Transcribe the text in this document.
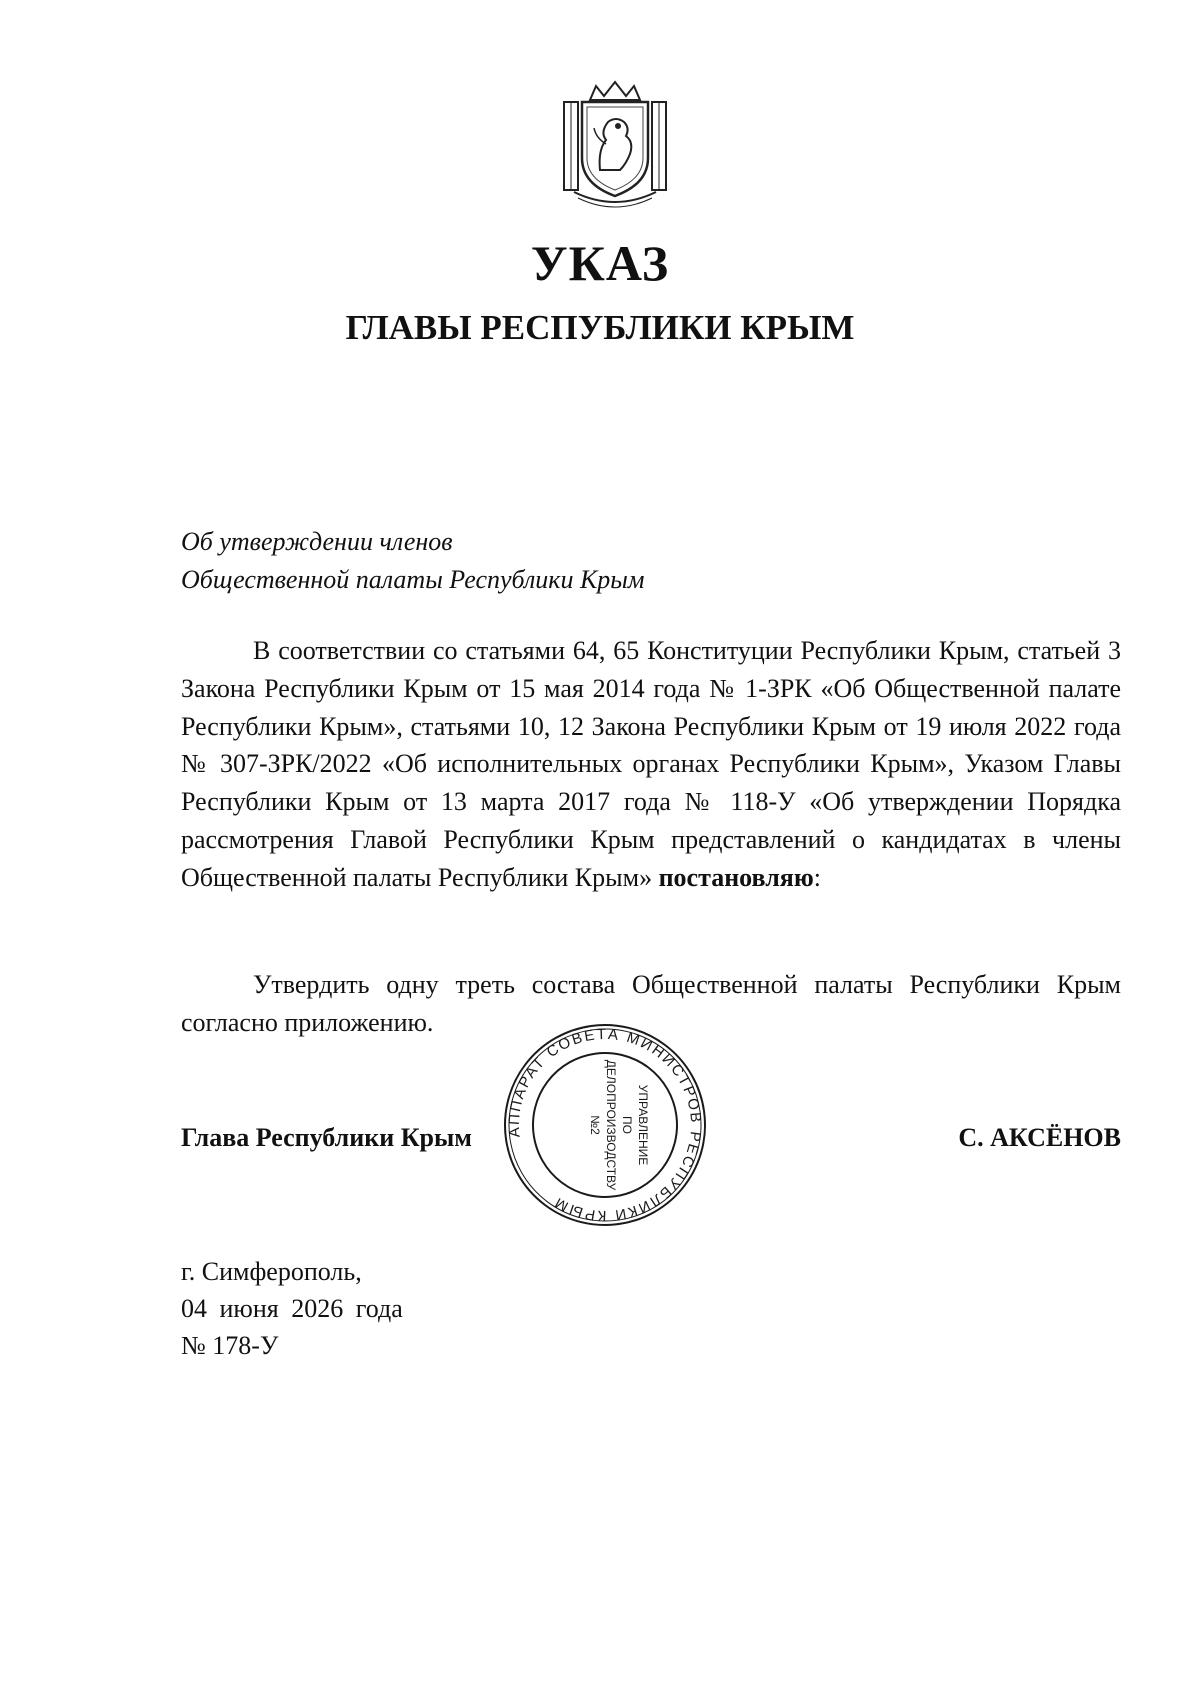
УКАЗ
ГЛАВЫ РЕСПУБЛИКИ КРЫМ
Об утверждении членов
Общественной палаты Республики Крым

В соответствии со статьями 64, 65 Конституции Республики Крым, статьей 3 Закона Республики Крым от 15 мая 2014 года № 1-ЗРК «Об Общественной палате Республики Крым», статьями 10, 12 Закона Республики Крым от 19 июля 2022 года № 307-ЗРК/2022 «Об исполнительных органах Республики Крым», Указом Главы Республики Крым от 13 марта 2017 года № 118-У «Об утверждении Порядка рассмотрения Главой Республики Крым представлений о кандидатах в члены Общественной палаты Республики Крым» постановляю:

Утвердить одну треть состава Общественной палаты Республики Крым согласно приложению.

Глава Республики Крым	С. АКСЁНОВ
АППАРАТ СОВЕТА МИНИСТРОВ РЕСПУБЛИКИ КРЫМ
УПРАВЛЕНИЕ
ПО
ДЕЛОПРОИЗВОДСТВУ
№2
г. Симферополь,
04 июня 2026 года
№ 178-У
